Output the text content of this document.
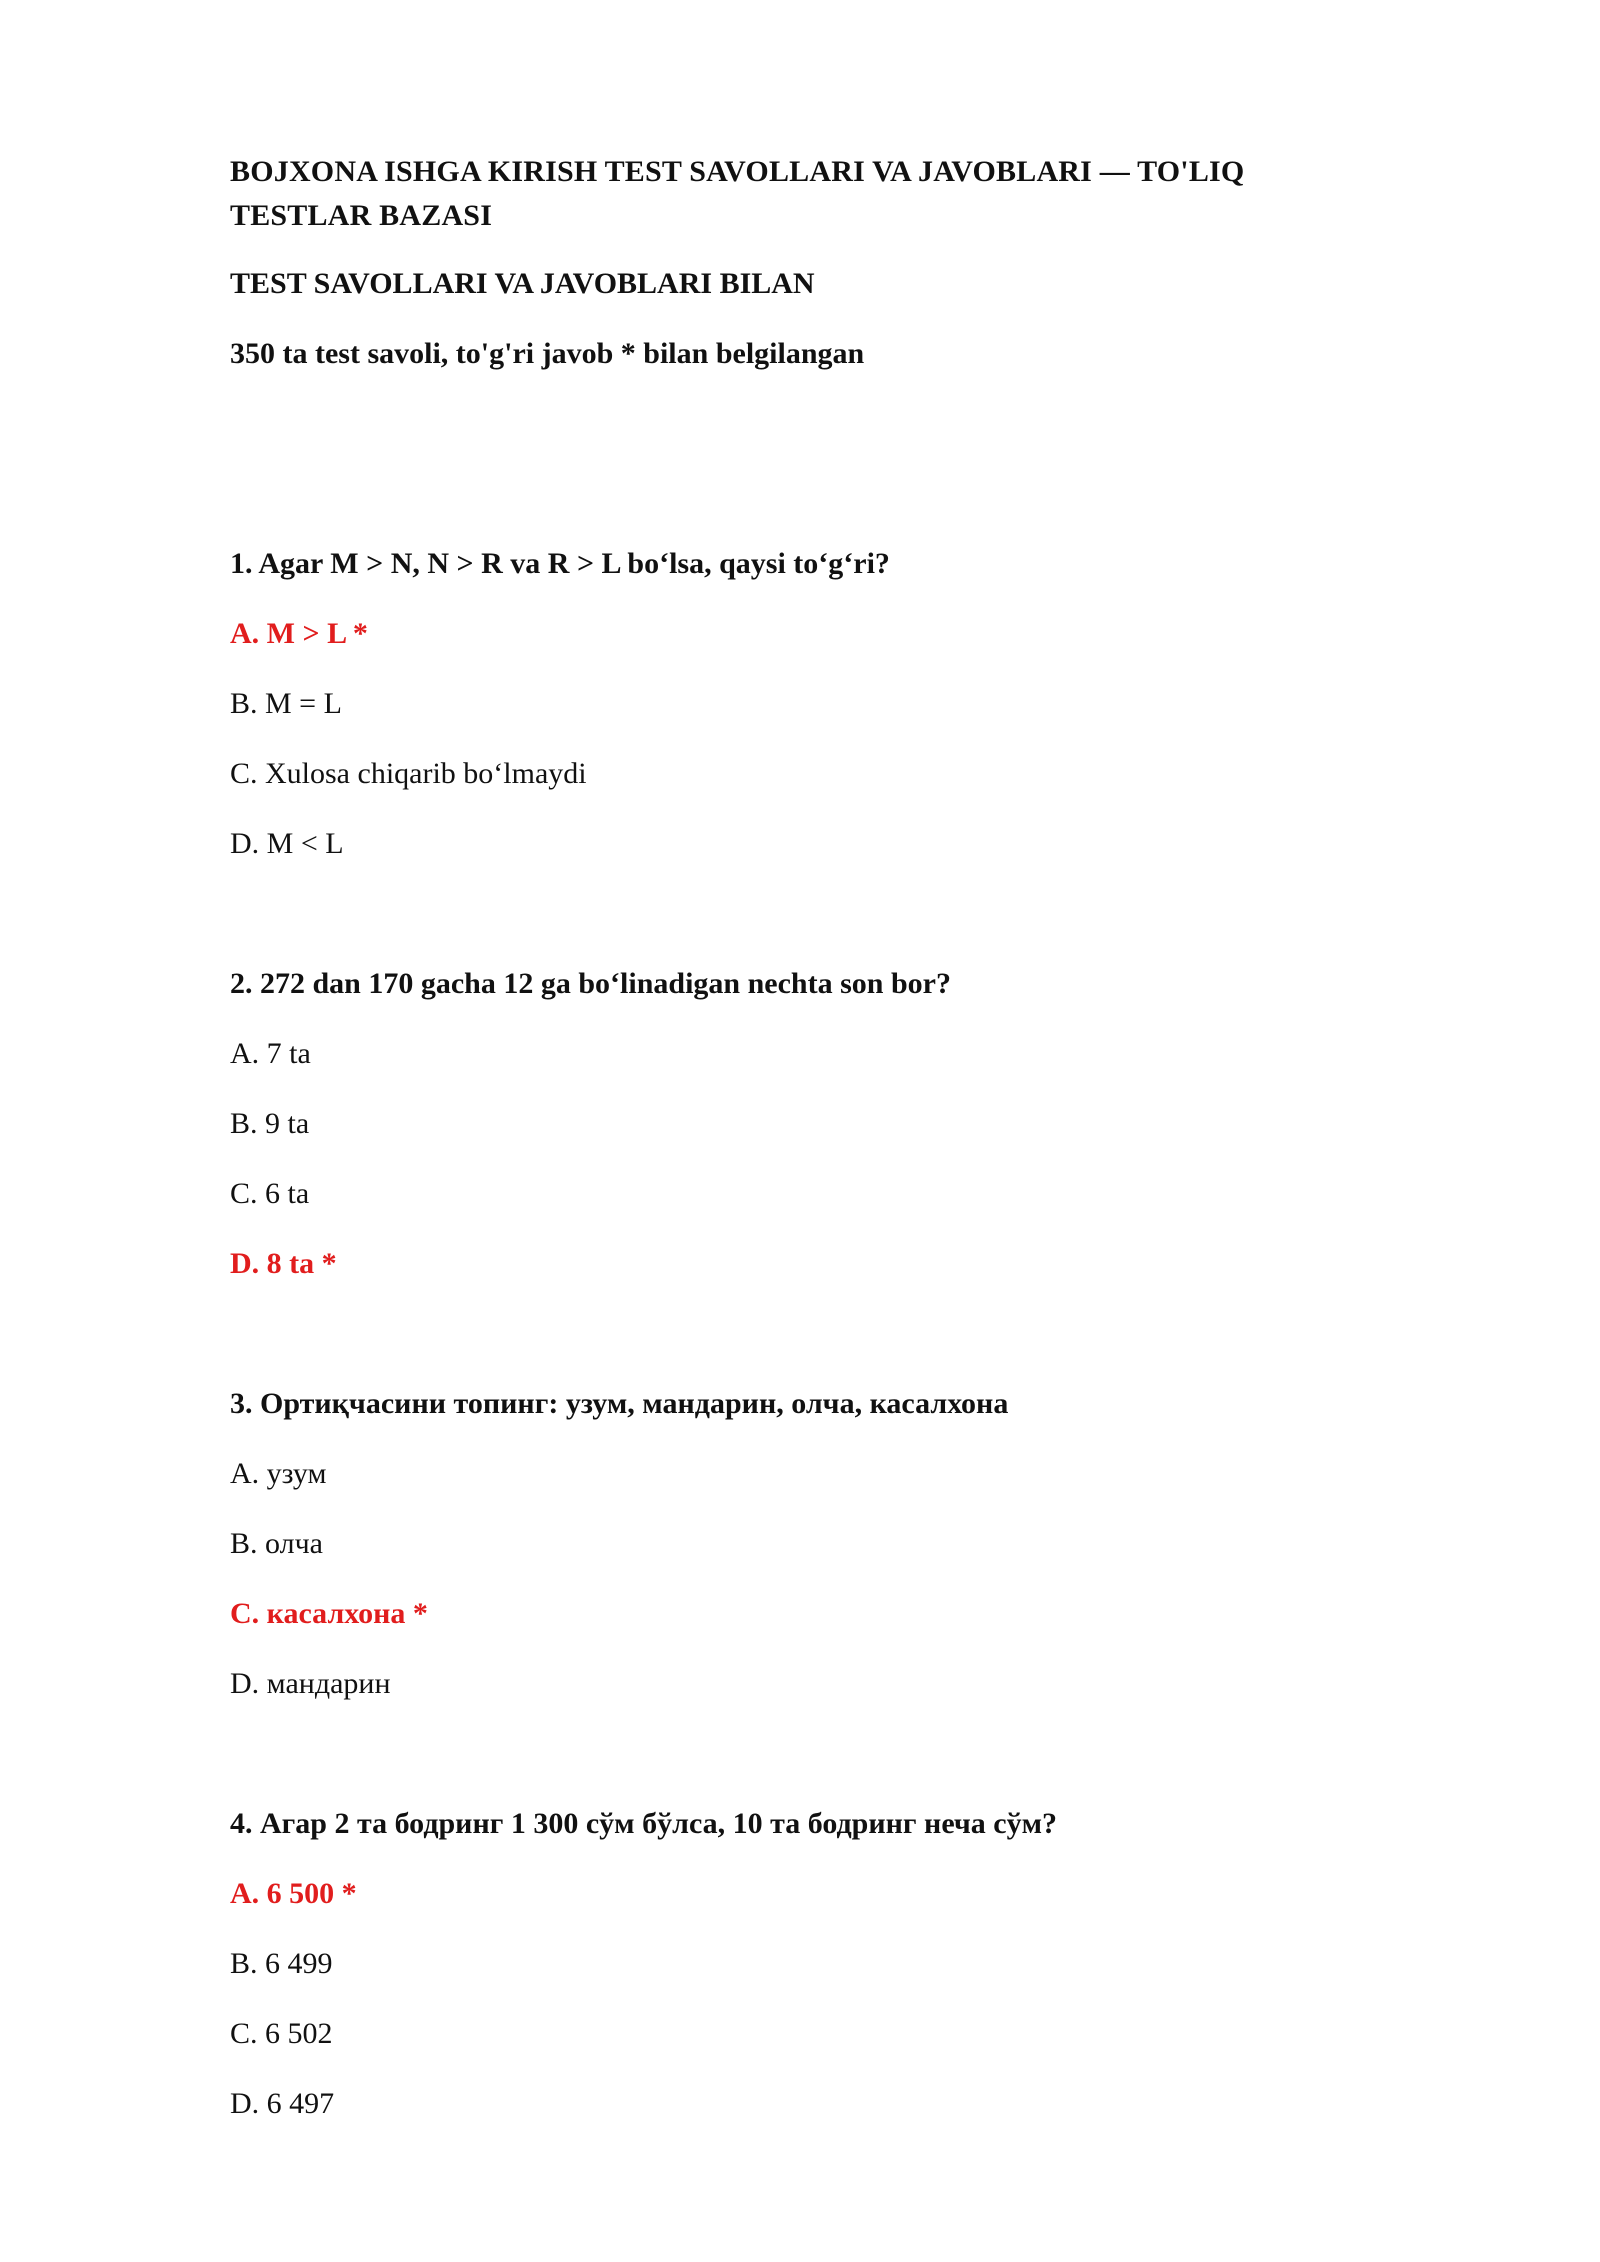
BOJXONA ISHGA KIRISH TEST SAVOLLARI VA JAVOBLARI — TO'LIQ TESTLAR BAZASI

TEST SAVOLLARI VA JAVOBLARI BILAN

350 ta test savoli, to'g'ri javob * bilan belgilangan

1. Agar M > N, N > R va R > L bo‘lsa, qaysi to‘g‘ri?

A. M > L *
B. M = L
C. Xulosa chiqarib bo‘lmaydi
D. M < L

2. 272 dan 170 gacha 12 ga bo‘linadigan nechta son bor?

A. 7 ta
B. 9 ta
C. 6 ta
D. 8 ta *

3. Ортиқчасини топинг: узум, мандарин, олча, касалхона

A. узум
B. олча
C. касалхона *
D. мандарин

4. Агар 2 та бодринг 1 300 сўм бўлса, 10 та бодринг неча сўм?

A. 6 500 *
B. 6 499
C. 6 502
D. 6 497
